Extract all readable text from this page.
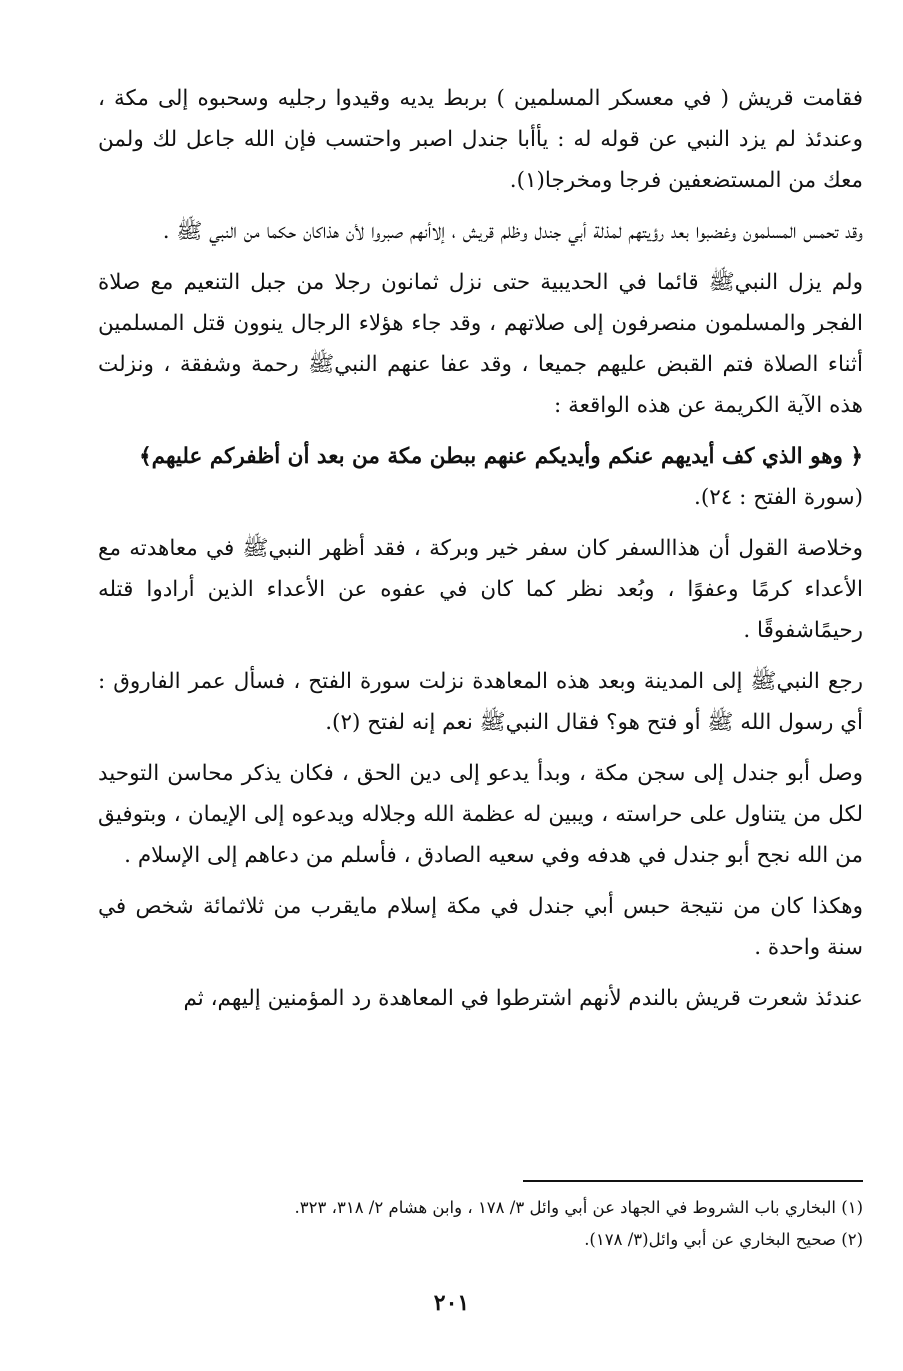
فقامت قريش ( في معسكر المسلمين ) بربط يديه وقيدوا رجليه وسحبوه إلى مكة ، وعندئذ لم يزد النبي عن قوله له : يأأبا جندل اصبر واحتسب فإن الله جاعل لك ولمن معك من المستضعفين فرجا ومخرجا(١).

وقد تحمس المسلمون وغضبوا بعد رؤيتهم لمذلة أبي جندل وظلم قريش ، إلاأنهم صبروا لأن هذاكان حكما من النبي ﷺ .

ولم يزل النبيﷺ قائما في الحديبية حتى نزل ثمانون رجلا من جبل التنعيم مع صلاة الفجر والمسلمون منصرفون إلى صلاتهم ، وقد جاء هؤلاء الرجال ينوون قتل المسلمين أثناء الصلاة فتم القبض عليهم جميعا ، وقد عفا عنهم النبيﷺ رحمة وشفقة ، ونزلت هذه الآية الكريمة عن هذه الواقعة :

﴿ وهو الذي كف أيديهم عنكم وأيديكم عنهم ببطن مكة من بعد أن أظفركم عليهم﴾

(سورة الفتح : ٢٤).

وخلاصة القول أن هذاالسفر كان سفر خير وبركة ، فقد أظهر النبيﷺ في معاهدته مع الأعداء كرمًا وعفوًا ، وبُعد نظر كما كان في عفوه عن الأعداء الذين أرادوا قتله رحيمًاشفوقًا .

رجع النبيﷺ إلى المدينة وبعد هذه المعاهدة نزلت سورة الفتح ، فسأل عمر الفاروق : أي رسول الله ﷺ أو فتح هو؟ فقال النبيﷺ نعم إنه لفتح (٢).

وصل أبو جندل إلى سجن مكة ، وبدأ يدعو إلى دين الحق ، فكان يذكر محاسن التوحيد لكل من يتناول على حراسته ، ويبين له عظمة الله وجلاله ويدعوه إلى الإيمان ، وبتوفيق من الله نجح أبو جندل في هدفه وفي سعيه الصادق ، فأسلم من دعاهم إلى الإسلام .

وهكذا كان من نتيجة حبس أبي جندل في مكة إسلام مايقرب من ثلاثمائة شخص في سنة واحدة .

عندئذ شعرت قريش بالندم لأنهم اشترطوا في المعاهدة رد المؤمنين إليهم، ثم

(١) البخاري باب الشروط في الجهاد عن أبي وائل ٣/ ١٧٨ ، وابن هشام ٢/ ٣١٨، ٣٢٣.

(٢) صحيح البخاري عن أبي وائل(٣/ ١٧٨).

٢٠١
